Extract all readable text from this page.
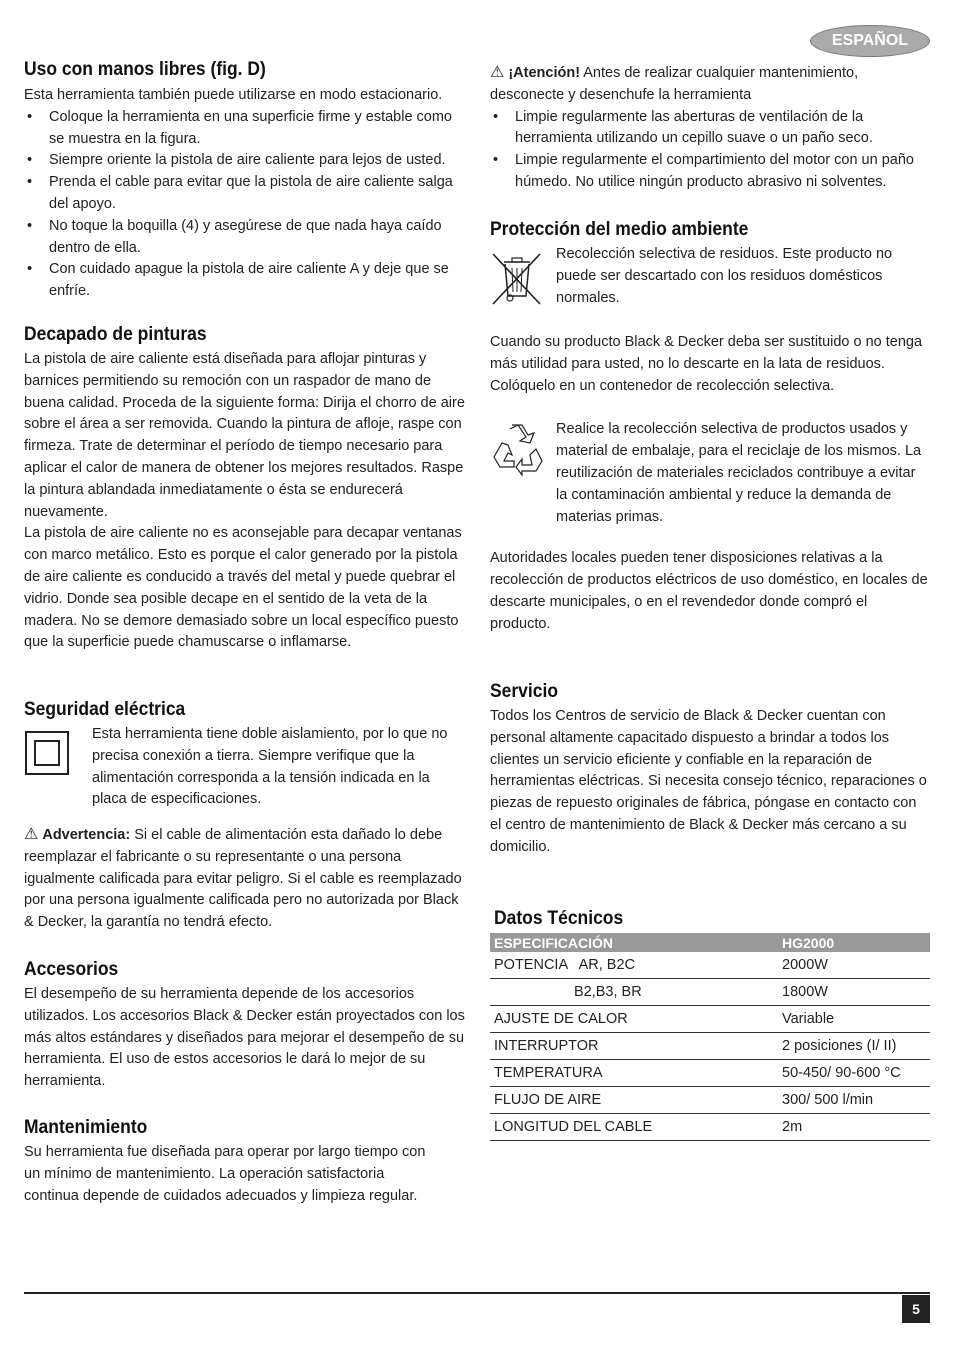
ESPAÑOL
Uso con manos libres (fig. D)

Esta herramienta también puede utilizarse en modo estacionario.

• Coloque la herramienta en una superficie firme y estable como se muestra en la figura.
• Siempre oriente la pistola de aire caliente para lejos de usted.
• Prenda el cable para evitar que la pistola de aire caliente salga del apoyo.
• No toque la boquilla (4) y asegúrese de que nada haya caído dentro de ella.
• Con cuidado apague la pistola de aire caliente A y deje que se enfríe.
Decapado de pinturas

La pistola de aire caliente está diseñada para aflojar pinturas y barnices permitiendo su remoción con un raspador de mano de buena calidad. Proceda de la siguiente forma: Dirija el chorro de aire sobre el área a ser removida. Cuando la pintura de afloje, raspe con firmeza. Trate de determinar el período de tiempo necesario para aplicar el calor de manera de obtener los mejores resultados. Raspe la pintura ablandada inmediatamente o ésta se endurecerá nuevamente.

La pistola de aire caliente no es aconsejable para decapar ventanas con marco metálico. Esto es porque el calor generado por la pistola de aire caliente es conducido a través del metal y puede quebrar el vidrio. Donde sea posible decape en el sentido de la veta de la madera. No se demore demasiado sobre un local específico puesto que la superficie puede chamuscarse o inflamarse.

Seguridad eléctrica

Esta herramienta tiene doble aislamiento, por lo que no precisa conexión a tierra. Siempre verifique que la alimentación corresponda a la tensión indicada en la placa de especificaciones.

⚠ Advertencia: Si el cable de alimentación esta dañado lo debe reemplazar el fabricante o su representante o una persona igualmente calificada para evitar peligro. Si el cable es reemplazado por una persona igualmente calificada pero no autorizada por Black & Decker, la garantía no tendrá efecto.

Accesorios

El desempeño de su herramienta depende de los accesorios utilizados. Los accesorios Black & Decker están proyectados con los más altos estándares y diseñados para mejorar el desempeño de su herramienta. El uso de estos accesorios le dará lo mejor de su herramienta.

Mantenimiento

Su herramienta fue diseñada para operar por largo tiempo con un mínimo de mantenimiento. La operación satisfactoria continua depende de cuidados adecuados y limpieza regular.

⚠ ¡Atención! Antes de realizar cualquier mantenimiento, desconecte y desenchufe la herramienta

• Limpie regularmente las aberturas de ventilación de la herramienta utilizando un cepillo suave o un paño seco.
• Limpie regularmente el compartimiento del motor con un paño húmedo. No utilice ningún producto abrasivo ni solventes.
Protección del medio ambiente

Recolección selectiva de residuos. Este producto no puede ser descartado con los residuos domésticos normales.

Cuando su producto Black & Decker deba ser sustituido o no tenga más utilidad para usted, no lo descarte en la lata de residuos. Colóquelo en un contenedor de recolección selectiva.

Realice la recolección selectiva de productos usados y material de embalaje, para el reciclaje de los mismos. La reutilización de materiales reciclados contribuye a evitar la contaminación ambiental y reduce la demanda de materias primas.

Autoridades locales pueden tener disposiciones relativas a la recolección de productos eléctricos de uso doméstico, en locales de descarte municipales, o en el revendedor donde compró el producto.

Servicio

Todos los Centros de servicio de Black & Decker cuentan con personal altamente capacitado dispuesto a brindar a todos los clientes un servicio eficiente y confiable en la reparación de herramientas eléctricas. Si necesita consejo técnico, reparaciones o piezas de repuesto originales de fábrica, póngase en contacto con el centro de mantenimiento de Black & Decker más cercano a su domicilio.

Datos Técnicos
ESPECIFICACIÓN	HG2000
POTENCIA   AR, B2C	2000W
B2,B3, BR	1800W
AJUSTE DE CALOR	Variable
INTERRUPTOR	2 posiciones (I/ II)
TEMPERATURA	50-450/ 90-600 °C
FLUJO DE AIRE	300/ 500 l/min
LONGITUD DEL CABLE	2m
5
